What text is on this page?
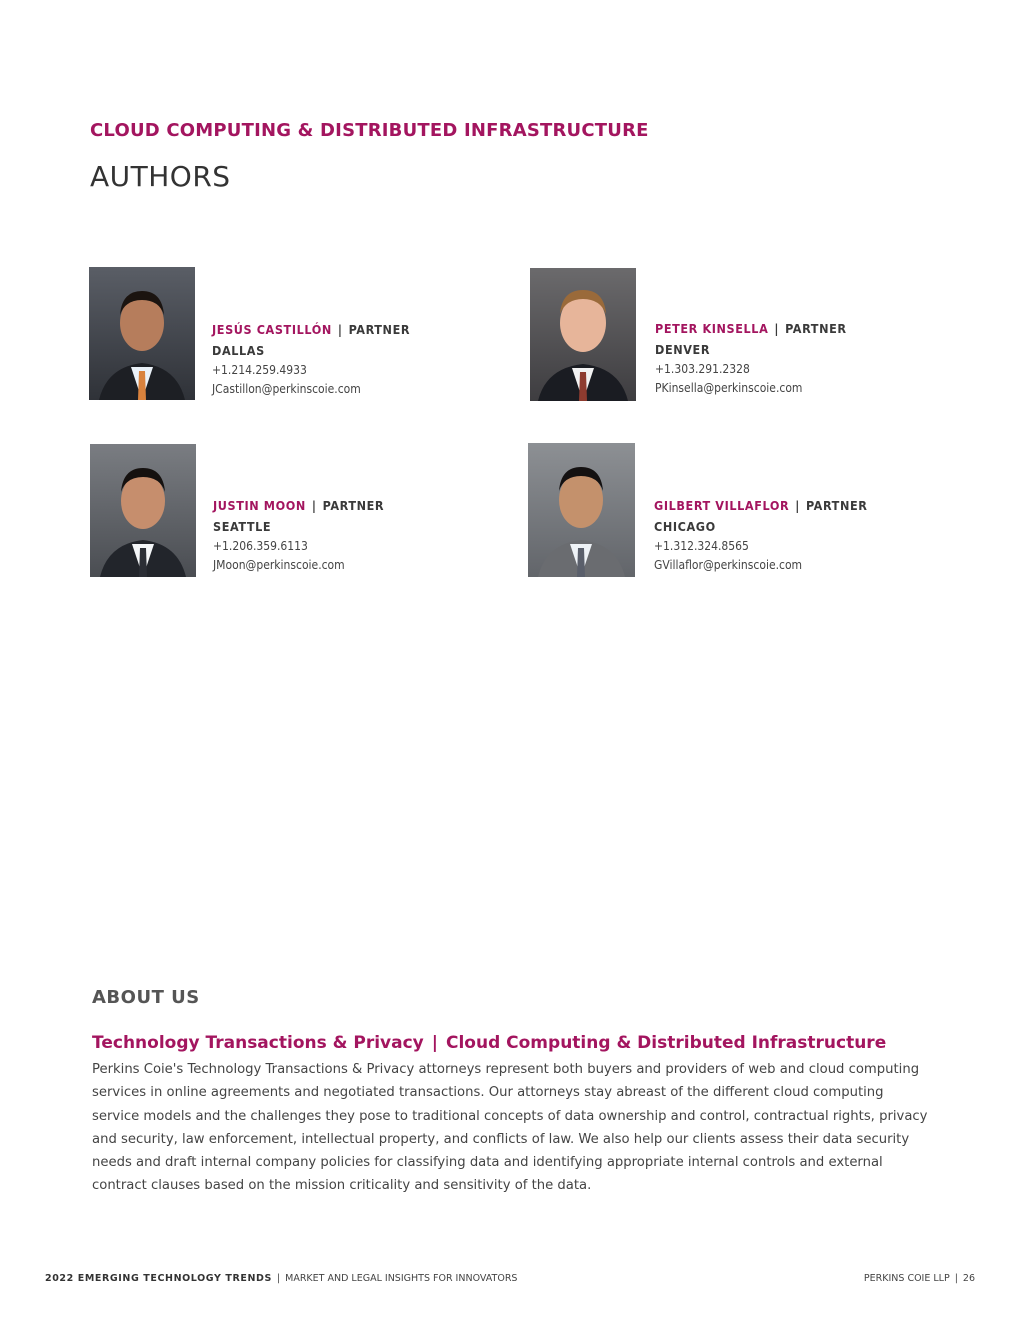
CLOUD COMPUTING & DISTRIBUTED INFRASTRUCTURE
AUTHORS
JESÚS CASTILLÓN | PARTNER
DALLAS
+1.214.259.4933
JCastillon@perkinscoie.com
PETER KINSELLA | PARTNER
DENVER
+1.303.291.2328
PKinsella@perkinscoie.com
JUSTIN MOON | PARTNER
SEATTLE
+1.206.359.6113
JMoon@perkinscoie.com
GILBERT VILLAFLOR | PARTNER
CHICAGO
+1.312.324.8565
GVillaflor@perkinscoie.com
ABOUT US
Technology Transactions & Privacy | Cloud Computing & Distributed Infrastructure
Perkins Coie's Technology Transactions & Privacy attorneys represent both buyers and providers of web and cloud computing services in online agreements and negotiated transactions. Our attorneys stay abreast of the different cloud computing service models and the challenges they pose to traditional concepts of data ownership and control, contractual rights, privacy and security, law enforcement, intellectual property, and conflicts of law. We also help our clients assess their data security needs and draft internal company policies for classifying data and identifying appropriate internal controls and external contract clauses based on the mission criticality and sensitivity of the data.
2022 EMERGING TECHNOLOGY TRENDS | MARKET AND LEGAL INSIGHTS FOR INNOVATORS	PERKINS COIE LLP | 26
